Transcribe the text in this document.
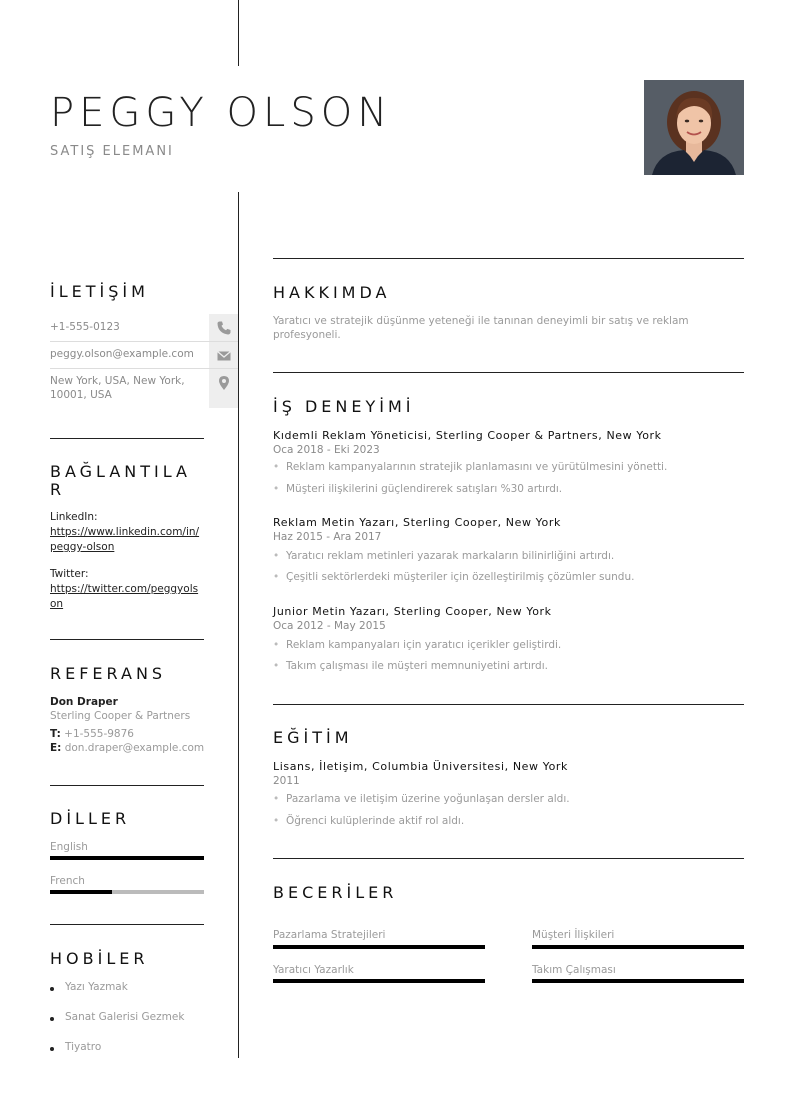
PEGGY OLSON
SATIŞ ELEMANI
İLETİŞİM
+1-555-0123
peggy.olson@example.com
New York, USA, New York, 10001, USA
BAĞLANTILA
R
LinkedIn:
https://www.linkedin.com/in/peggy-olson
Twitter:
https://twitter.com/peggyolson
REFERANS
Don Draper
Sterling Cooper & Partners
T: +1-555-9876
E: don.draper@example.com
DİLLER
English
French
HOBİLER
Yazı Yazmak
Sanat Galerisi Gezmek
Tiyatro
HAKKIMDA
Yaratıcı ve stratejik düşünme yeteneği ile tanınan deneyimli bir satış ve reklam profesyoneli.
İŞ DENEYİMİ
Kıdemli Reklam Yöneticisi, Sterling Cooper & Partners, New York
Oca 2018 - Eki 2023
• Reklam kampanyalarının stratejik planlamasını ve yürütülmesini yönetti.
• Müşteri ilişkilerini güçlendirerek satışları %30 artırdı.
Reklam Metin Yazarı, Sterling Cooper, New York
Haz 2015 - Ara 2017
• Yaratıcı reklam metinleri yazarak markaların bilinirliğini artırdı.
• Çeşitli sektörlerdeki müşteriler için özelleştirilmiş çözümler sundu.
Junior Metin Yazarı, Sterling Cooper, New York
Oca 2012 - May 2015
• Reklam kampanyaları için yaratıcı içerikler geliştirdi.
• Takım çalışması ile müşteri memnuniyetini artırdı.
EĞİTİM
Lisans, İletişim, Columbia Üniversitesi, New York
2011
• Pazarlama ve iletişim üzerine yoğunlaşan dersler aldı.
• Öğrenci kulüplerinde aktif rol aldı.
BECERİLER
Pazarlama Stratejileri	Müşteri İlişkileri
Yaratıcı Yazarlık	Takım Çalışması
